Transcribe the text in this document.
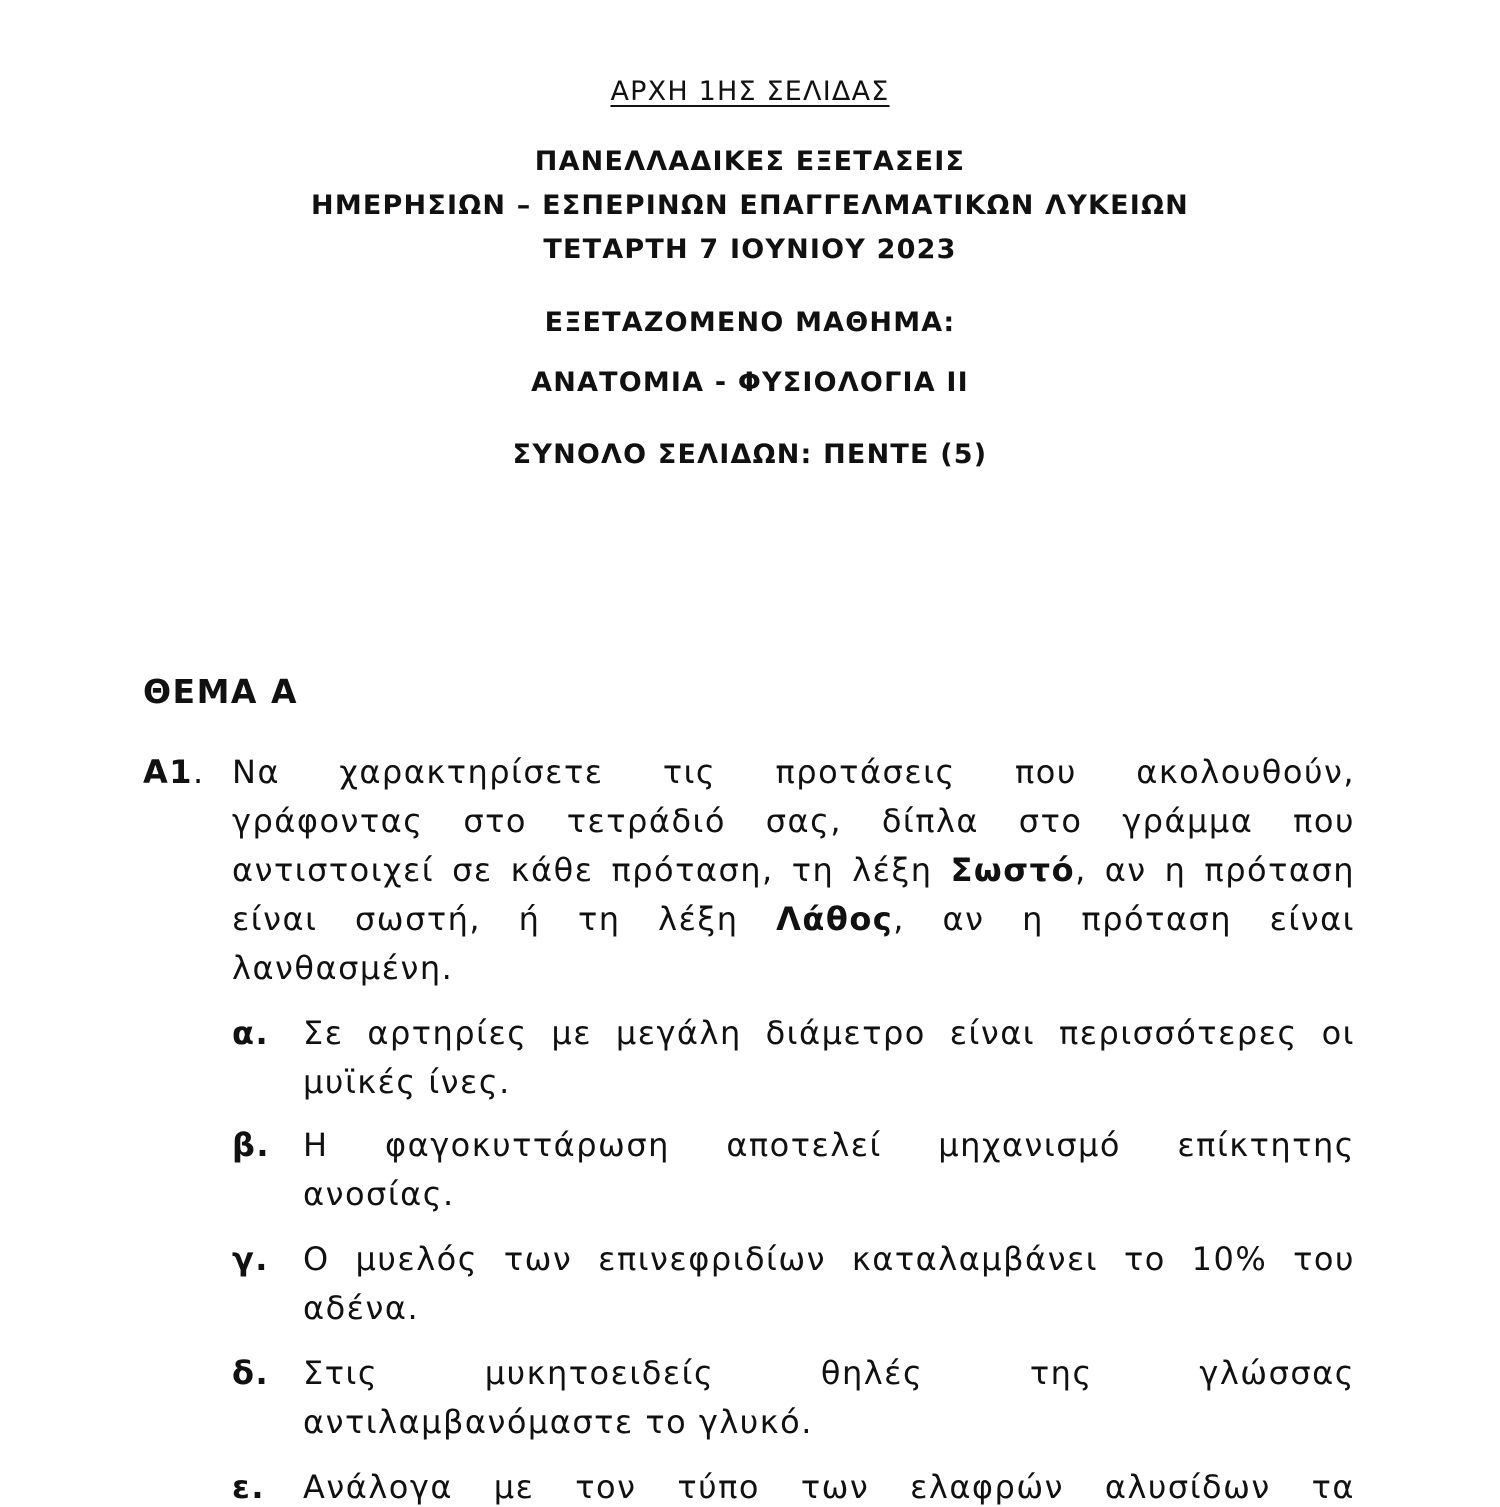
ΑΡΧΗ 1ΗΣ ΣΕΛΙΔΑΣ
ΠΑΝΕΛΛΑΔΙΚΕΣ ΕΞΕΤΑΣΕΙΣ
ΗΜΕΡΗΣΙΩΝ – ΕΣΠΕΡΙΝΩΝ ΕΠΑΓΓΕΛΜΑΤΙΚΩΝ ΛΥΚΕΙΩΝ
ΤΕΤΑΡΤΗ 7 ΙΟΥΝΙΟΥ 2023
ΕΞΕΤΑΖΟΜΕΝΟ ΜΑΘΗΜΑ:
ΑΝΑΤΟΜΙΑ - ΦΥΣΙΟΛΟΓΙΑ ΙΙ
ΣΥΝΟΛΟ ΣΕΛΙΔΩΝ: ΠΕΝΤΕ (5)
ΘΕΜΑ Α
Α1. Να χαρακτηρίσετε τις προτάσεις που ακολουθούν,
γράφοντας στο τετράδιό σας, δίπλα στο γράμμα που
αντιστοιχεί σε κάθε πρόταση, τη λέξη Σωστό, αν η πρόταση
είναι σωστή, ή τη λέξη Λάθος, αν η πρόταση είναι
λανθασμένη.
α. Σε αρτηρίες με μεγάλη διάμετρο είναι περισσότερες οι
μυϊκές ίνες.
β. Η φαγοκυττάρωση αποτελεί μηχανισμό επίκτητης
ανοσίας.
γ. Ο μυελός των επινεφριδίων καταλαμβάνει το 10% του
αδένα.
δ. Στις μυκητοειδείς θηλές της γλώσσας
αντιλαμβανόμαστε το γλυκό.
ε. Ανάλογα με τον τύπο των ελαφρών αλυσίδων τα
